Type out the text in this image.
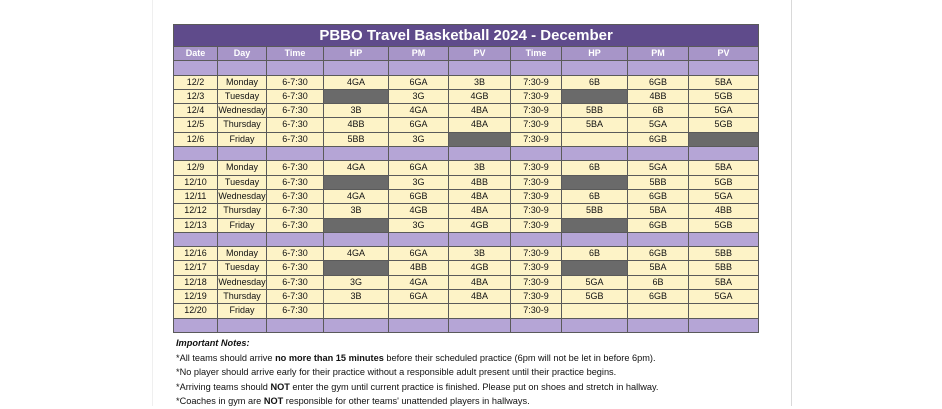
PBBO Travel Basketball 2024 - December									
Date	Day	Time	HP	PM	PV	Time	HP	PM	PV

12/2	Monday	6-7:30	4GA	6GA	3B	7:30-9	6B	6GB	5BA
12/3	Tuesday	6-7:30		3G	4GB	7:30-9		4BB	5GB
12/4	Wednesday	6-7:30	3B	4GA	4BA	7:30-9	5BB	6B	5GA
12/5	Thursday	6-7:30	4BB	6GA	4BA	7:30-9	5BA	5GA	5GB
12/6	Friday	6-7:30	5BB	3G		7:30-9		6GB	

12/9	Monday	6-7:30	4GA	6GA	3B	7:30-9	6B	5GA	5BA
12/10	Tuesday	6-7:30		3G	4BB	7:30-9		5BB	5GB
12/11	Wednesday	6-7:30	4GA	6GB	4BA	7:30-9	6B	6GB	5GA
12/12	Thursday	6-7:30	3B	4GB	4BA	7:30-9	5BB	5BA	4BB
12/13	Friday	6-7:30		3G	4GB	7:30-9		6GB	5GB

12/16	Monday	6-7:30	4GA	6GA	3B	7:30-9	6B	6GB	5BB
12/17	Tuesday	6-7:30		4BB	4GB	7:30-9		5BA	5BB
12/18	Wednesday	6-7:30	3G	4GA	4BA	7:30-9	5GA	6B	5BA
12/19	Thursday	6-7:30	3B	6GA	4BA	7:30-9	5GB	6GB	5GA
12/20	Friday	6-7:30				7:30-9			

Important Notes:
*All teams should arrive no more than 15 minutes before their scheduled practice (6pm will not be let in before 6pm).
*No player should arrive early for their practice without a responsible adult present until their practice begins.
*Arriving teams should NOT enter the gym until current practice is finished. Please put on shoes and stretch in hallway.
*Coaches in gym are NOT responsible for other teams' unattended players in hallways.
